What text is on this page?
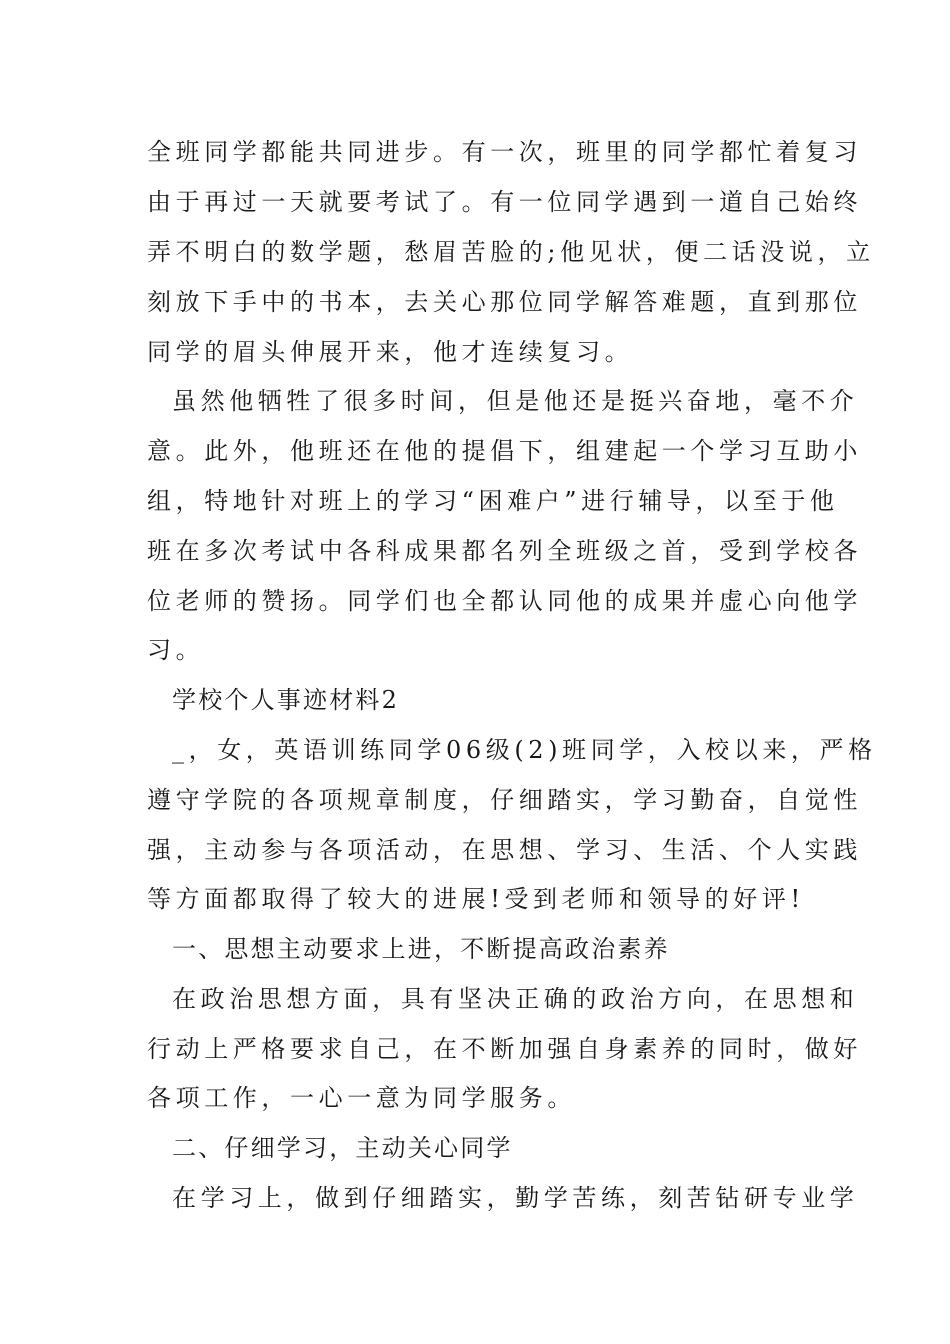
全班同学都能共同进步。有一次，班里的同学都忙着复习

由于再过一天就要考试了。有一位同学遇到一道自己始终

弄不明白的数学题，愁眉苦脸的;他见状，便二话没说，立

刻放下手中的书本，去关心那位同学解答难题，直到那位

同学的眉头伸展开来，他才连续复习。

虽然他牺牲了很多时间，但是他还是挺兴奋地，毫不介

意。此外，他班还在他的提倡下，组建起一个学习互助小

组，特地针对班上的学习“困难户”进行辅导，以至于他

班在多次考试中各科成果都名列全班级之首，受到学校各

位老师的赞扬。同学们也全都认同他的成果并虚心向他学

习。

学校个人事迹材料2

_，女，英语训练同学06级(2)班同学，入校以来，严格

遵守学院的各项规章制度，仔细踏实，学习勤奋，自觉性

强，主动参与各项活动，在思想、学习、生活、个人实践

等方面都取得了较大的进展!受到老师和领导的好评!

一、思想主动要求上进，不断提高政治素养

在政治思想方面，具有坚决正确的政治方向，在思想和

行动上严格要求自己，在不断加强自身素养的同时，做好

各项工作，一心一意为同学服务。

二、仔细学习，主动关心同学

在学习上，做到仔细踏实，勤学苦练，刻苦钻研专业学
